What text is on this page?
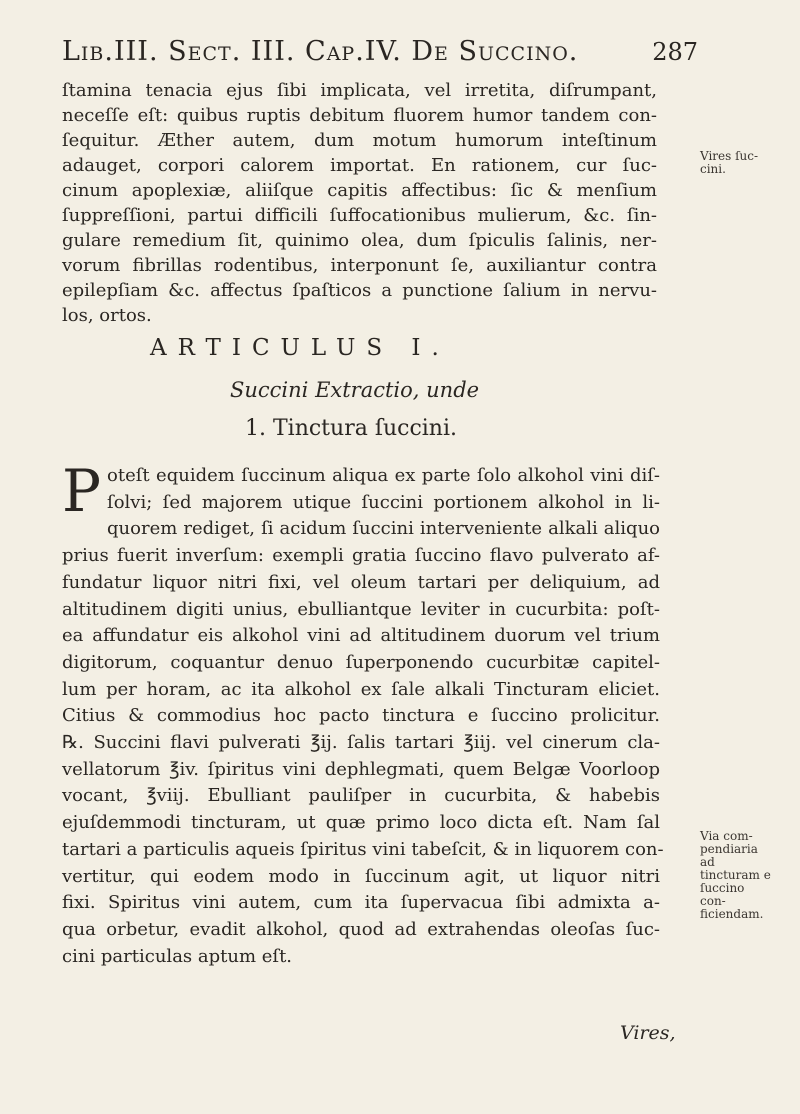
Lib.III. Sect. III. Cap.IV. De Succino.	287
ſtamina tenacia ejus ſibi implicata, vel irretita, diſrumpant,
neceſſe eſt: quibus ruptis debitum fluorem humor tandem con-
ſequitur. Æther autem, dum motum humorum inteſtinum
adauget, corpori calorem importat. En rationem, cur ſuc-
cinum apoplexiæ, aliiſque capitis affectibus: ſic & menſium
ſuppreſſioni, partui difficili ſuffocationibus mulierum, &c. ſin-
gulare remedium ſit, quinimo olea, dum ſpiculis ſalinis, ner-
vorum fibrillas rodentibus, interponunt ſe, auxiliantur contra
epilepſiam &c. affectus ſpaſticos a punctione ſalium in nervu-
los, ortos.
Vires ſuc-cini.
ARTICULUS I.
Succini Extractio, unde
1. Tinctura ſuccini.
P oteſt equidem ſuccinum aliqua ex parte ſolo alkohol vini diſ-
ſolvi; ſed majorem utique ſuccini portionem alkohol in li-
quorem rediget, ſi acidum ſuccini interveniente alkali aliquo
prius fuerit inverſum: exempli gratia ſuccino flavo pulverato af-
fundatur liquor nitri fixi, vel oleum tartari per deliquium, ad
altitudinem digiti unius, ebulliantque leviter in cucurbita: poſt-
ea affundatur eis alkohol vini ad altitudinem duorum vel trium
digitorum, coquantur denuo ſuperponendo cucurbitæ capitel-
lum per horam, ac ita alkohol ex ſale alkali Tincturam eliciet.
Citius & commodius hoc pacto tinctura e ſuccino prolicitur.
℞. Succini flavi pulverati ℥ij. ſalis tartari ℥iij. vel cinerum cla-
vellatorum ℥iv. ſpiritus vini dephlegmati, quem Belgæ Voorloop
vocant, ℥viij. Ebulliant pauliſper in cucurbita, & habebis
ejuſdemmodi tincturam, ut quæ primo loco dicta eſt. Nam ſal
tartari a particulis aqueis ſpiritus vini tabeſcit, & in liquorem con-
vertitur, qui eodem modo in ſuccinum agit, ut liquor nitri
fixi. Spiritus vini autem, cum ita ſupervacua ſibi admixta a-
qua orbetur, evadit alkohol, quod ad extrahendas oleoſas ſuc-
cini particulas aptum eſt.
Via com-pendiaria ad tincturam e ſuccino con-ficiendam.
Vires,
